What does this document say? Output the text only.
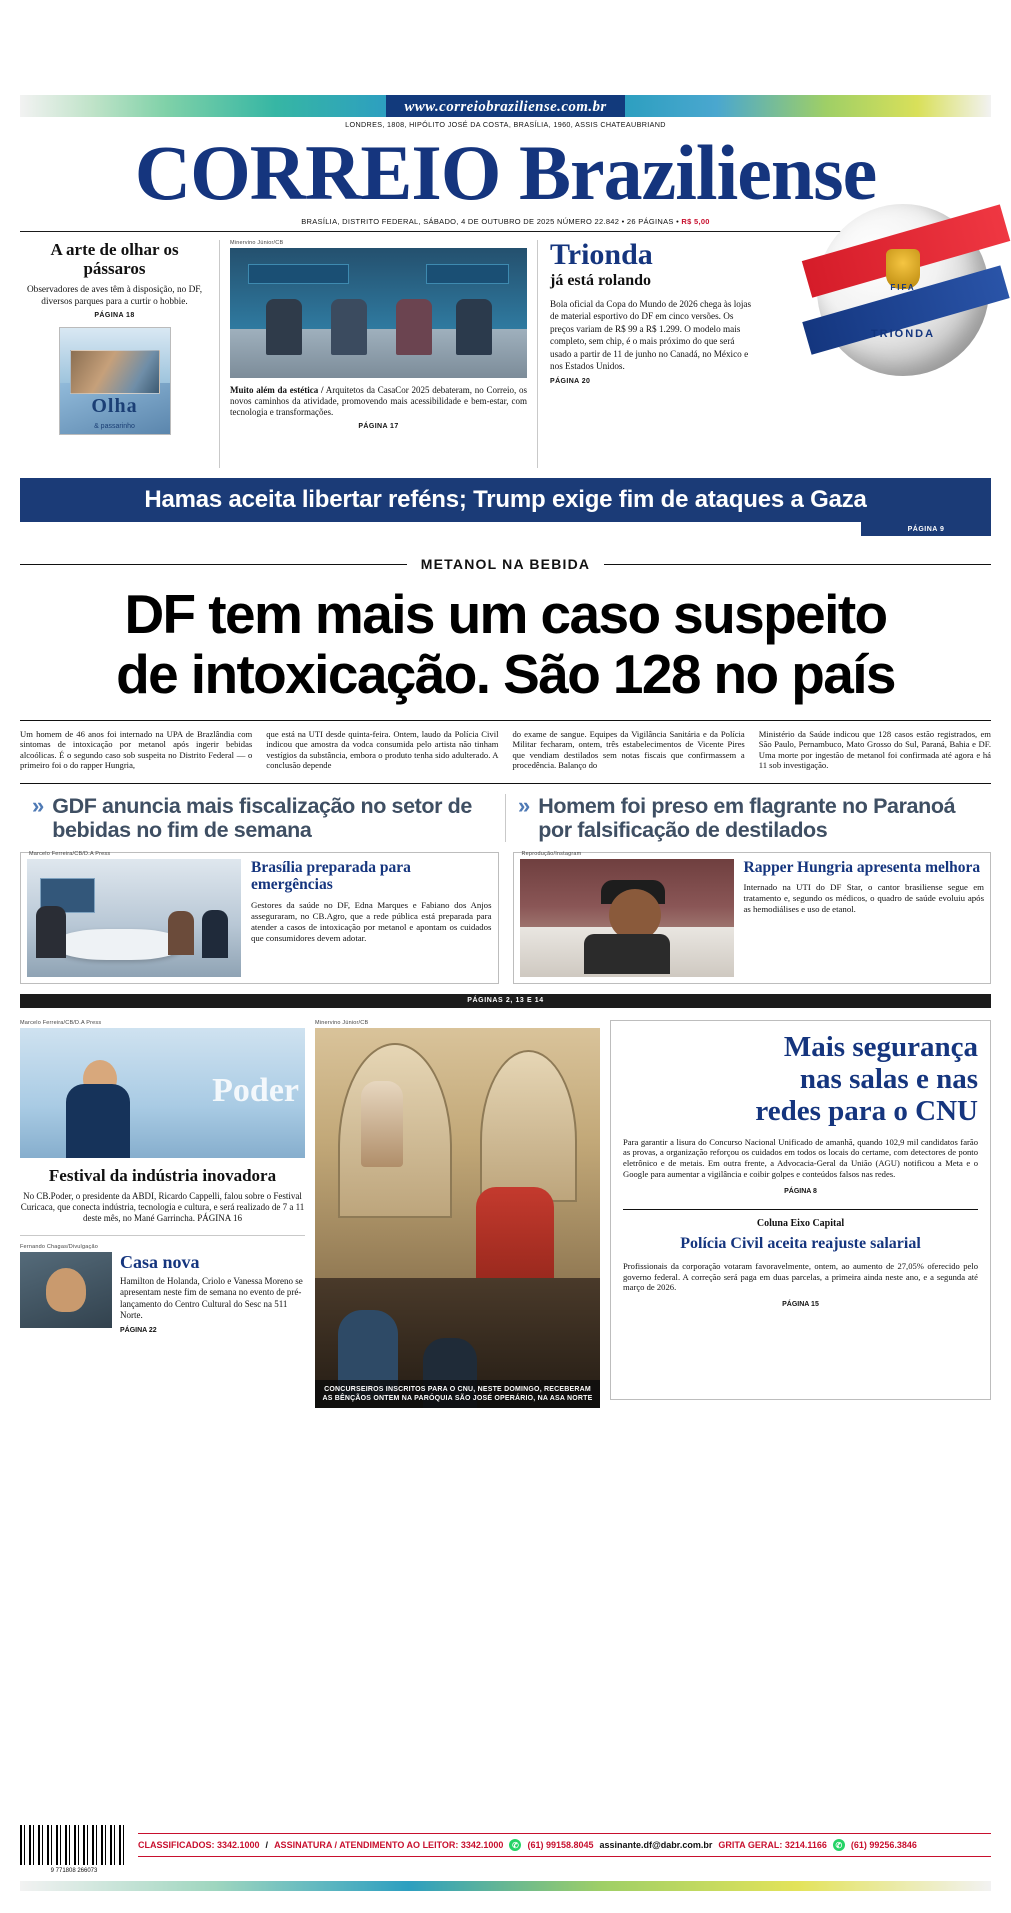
www.correiobraziliense.com.br
LONDRES, 1808, HIPÓLITO JOSÉ DA COSTA, BRASÍLIA, 1960, ASSIS CHATEAUBRIAND
CORREIO Braziliense
BRASÍLIA, DISTRITO FEDERAL, SÁBADO, 4 DE OUTUBRO DE 2025 NÚMERO 22.842 • 26 PÁGINAS • R$ 5,00
A arte de olhar os pássaros
Observadores de aves têm à disposição, no DF, diversos parques para a curtir o hobbie.
PÁGINA 18
Olha
& passarinho
Minervino Júnior/CB
Muito além da estética / Arquitetos da CasaCor 2025 debateram, no Correio, os novos caminhos da atividade, promovendo mais acessibilidade e bem-estar, com tecnologia e transformações.
PÁGINA 17
FIFA
TRIONDA
Trionda
já está rolando
Bola oficial da Copa do Mundo de 2026 chega às lojas de material esportivo do DF em cinco versões. Os preços variam de R$ 99 a R$ 1.299. O modelo mais completo, sem chip, é o mais próximo do que será usado a partir de 11 de junho no Canadá, no México e nos Estados Unidos.
PÁGINA 20
Hamas aceita libertar reféns; Trump exige fim de ataques a Gaza
PÁGINA 9
METANOL NA BEBIDA
DF tem mais um caso suspeito
de intoxicação. São 128 no país
Um homem de 46 anos foi internado na UPA de Brazlândia com sintomas de intoxicação por metanol após ingerir bebidas alcoólicas. É o segundo caso sob suspeita no Distrito Federal — o primeiro foi o do rapper Hungria,
que está na UTI desde quinta-feira. Ontem, laudo da Polícia Civil indicou que amostra da vodca consumida pelo artista não tinham vestígios da substância, embora o produto tenha sido adulterado. A conclusão depende
do exame de sangue. Equipes da Vigilância Sanitária e da Polícia Militar fecharam, ontem, três estabelecimentos de Vicente Pires que vendiam destilados sem notas fiscais que confirmassem a procedência. Balanço do
Ministério da Saúde indicou que 128 casos estão registrados, em São Paulo, Pernambuco, Mato Grosso do Sul, Paraná, Bahia e DF. Uma morte por ingestão de metanol foi confirmada até agora e há 11 sob investigação.
» GDF anuncia mais fiscalização no setor de bebidas no fim de semana
» Homem foi preso em flagrante no Paranoá por falsificação de destilados
Marcelo Ferreira/CB/D.A Press
Brasília preparada para emergências
Gestores da saúde no DF, Edna Marques e Fabiano dos Anjos asseguraram, no CB.Agro, que a rede pública está preparada para atender a casos de intoxicação por metanol e apontam os cuidados que consumidores devem adotar.
Reprodução/Instagram
Rapper Hungria apresenta melhora
Internado na UTI do DF Star, o cantor brasiliense segue em tratamento e, segundo os médicos, o quadro de saúde evoluiu após as hemodiálises e uso de etanol.
PÁGINAS 2, 13 E 14
Marcelo Ferreira/CB/D.A Press
Poder
Festival da indústria inovadora
No CB.Poder, o presidente da ABDI, Ricardo Cappelli, falou sobre o Festival Curicaca, que conecta indústria, tecnologia e cultura, e será realizado de 7 a 11 deste mês, no Mané Garrincha. PÁGINA 16
Fernando Chagas/Divulgação
Casa nova
Hamilton de Holanda, Criolo e Vanessa Moreno se apresentam neste fim de semana no evento de pré-lançamento do Centro Cultural do Sesc na 511 Norte.
PÁGINA 22
Minervino Júnior/CB
CONCURSEIROS INSCRITOS PARA O CNU, NESTE DOMINGO, RECEBERAM AS BÊNÇÃOS ONTEM NA PARÓQUIA SÃO JOSÉ OPERÁRIO, NA ASA NORTE
Mais segurança
nas salas e nas
redes para o CNU
Para garantir a lisura do Concurso Nacional Unificado de amanhã, quando 102,9 mil candidatos farão as provas, a organização reforçou os cuidados em todos os locais do certame, com detectores de ponto eletrônico e de metais. Em outra frente, a Advocacia-Geral da União (AGU) notificou a Meta e o Google para aumentar a vigilância e coibir golpes e conteúdos falsos nas redes.
PÁGINA 8
Coluna Eixo Capital
Polícia Civil aceita reajuste salarial
Profissionais da corporação votaram favoravelmente, ontem, ao aumento de 27,05% oferecido pelo governo federal. A correção será paga em duas parcelas, a primeira ainda neste ano, e a segunda até março de 2026.
PÁGINA 15
9 771808 266073
CLASSIFICADOS: 3342.1000 / ASSINATURA / ATENDIMENTO AO LEITOR: 3342.1000	✆ (61) 99158.8045 assinante.df@dabr.com.br GRITA GERAL: 3214.1166	✆ (61) 99256.3846
